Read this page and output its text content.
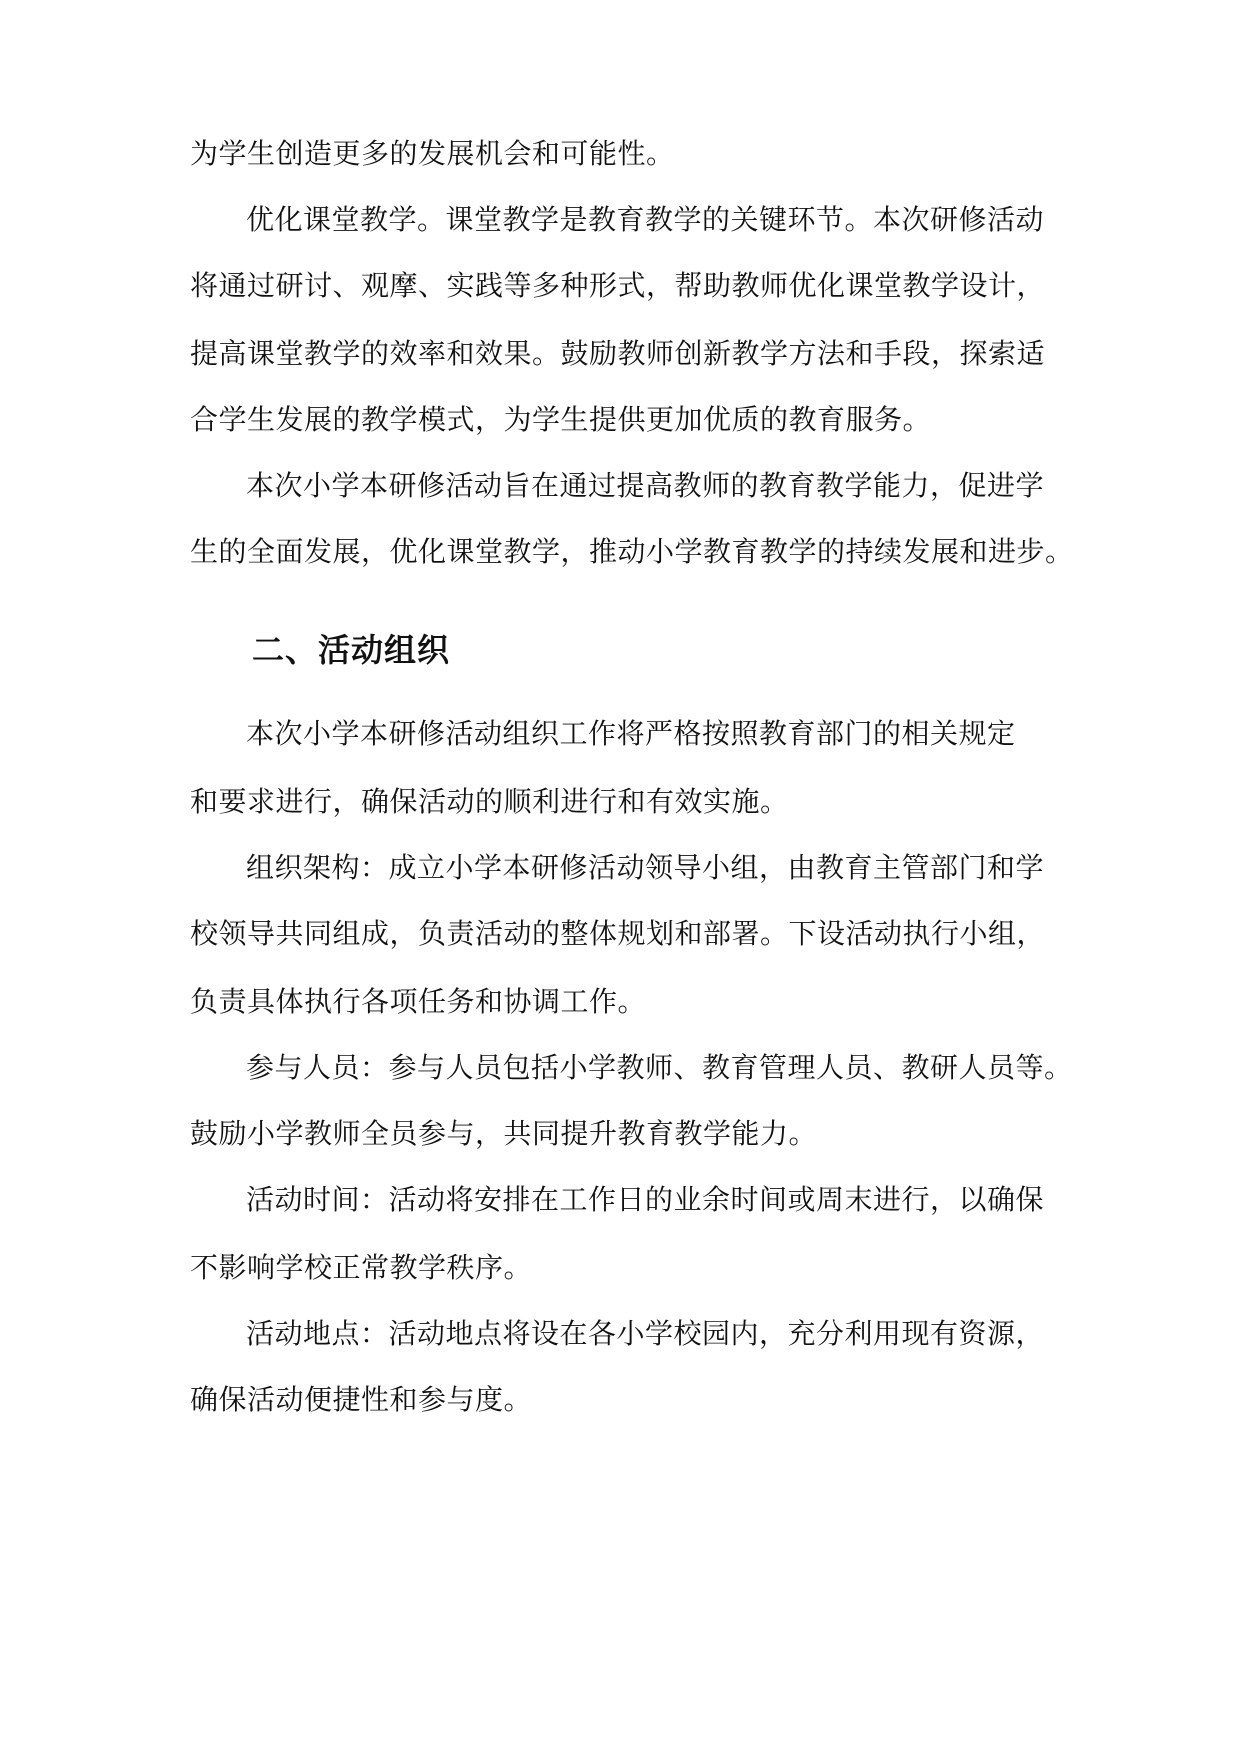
为学生创造更多的发展机会和可能性。
优化课堂教学。课堂教学是教育教学的关键环节。本次研修活动
将通过研讨、观摩、实践等多种形式，帮助教师优化课堂教学设计，
提高课堂教学的效率和效果。鼓励教师创新教学方法和手段，探索适
合学生发展的教学模式，为学生提供更加优质的教育服务。
本次小学本研修活动旨在通过提高教师的教育教学能力，促进学
生的全面发展，优化课堂教学，推动小学教育教学的持续发展和进步。
二、活动组织
本次小学本研修活动组织工作将严格按照教育部门的相关规定
和要求进行，确保活动的顺利进行和有效实施。
组织架构：成立小学本研修活动领导小组，由教育主管部门和学
校领导共同组成，负责活动的整体规划和部署。下设活动执行小组，
负责具体执行各项任务和协调工作。
参与人员：参与人员包括小学教师、教育管理人员、教研人员等。
鼓励小学教师全员参与，共同提升教育教学能力。
活动时间：活动将安排在工作日的业余时间或周末进行，以确保
不影响学校正常教学秩序。
活动地点：活动地点将设在各小学校园内，充分利用现有资源，
确保活动便捷性和参与度。
